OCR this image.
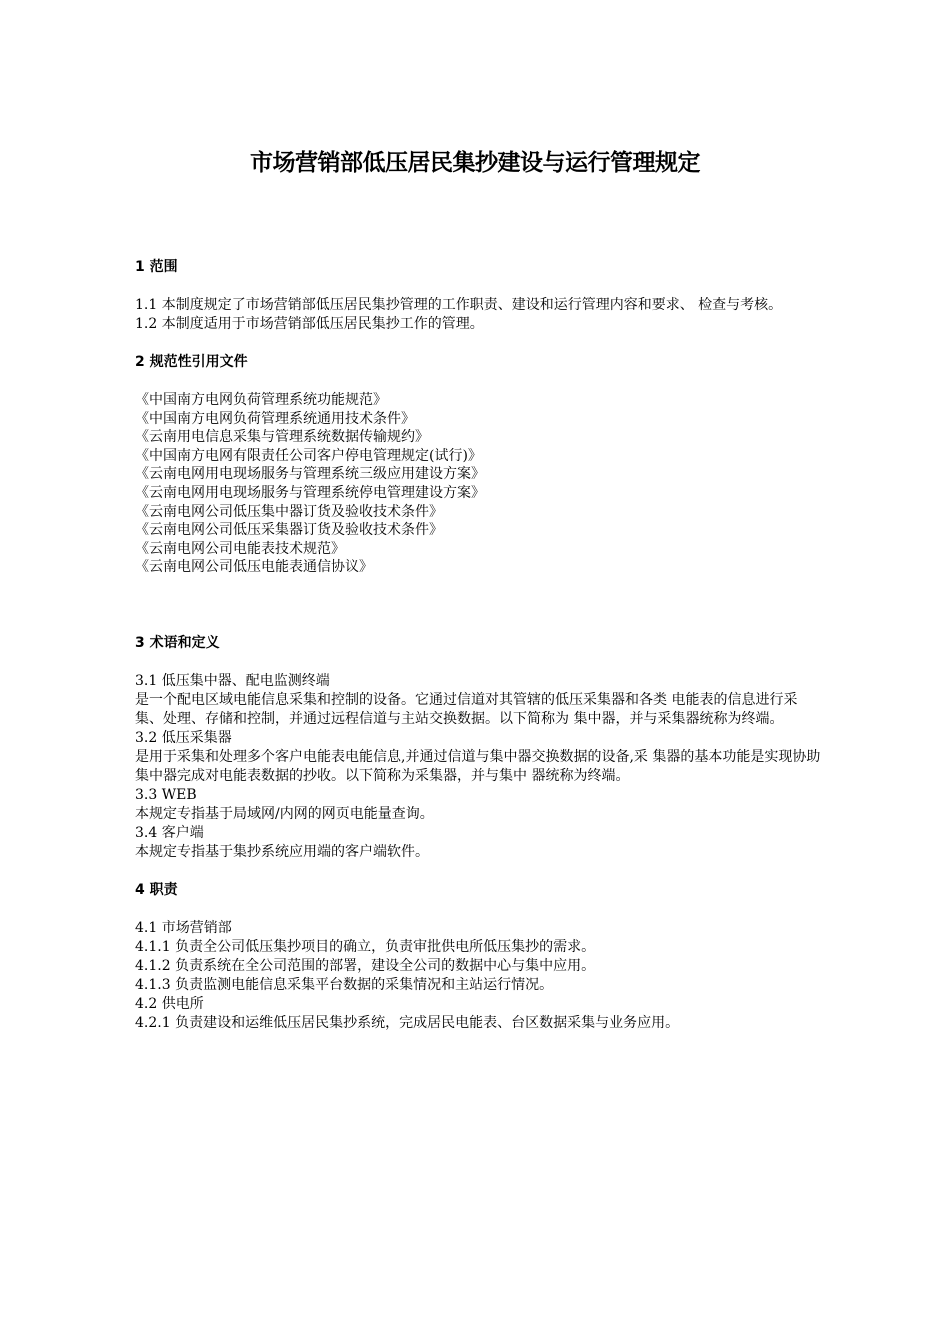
市场营销部低压居民集抄建设与运行管理规定
1 范围
1.1 本制度规定了市场营销部低压居民集抄管理的工作职责、建设和运行管理内容和要求、 检查与考核。
1.2 本制度适用于市场营销部低压居民集抄工作的管理。
2 规范性引用文件
《中国南方电网负荷管理系统功能规范》
《中国南方电网负荷管理系统通用技术条件》
《云南用电信息采集与管理系统数据传输规约》
《中国南方电网有限责任公司客户停电管理规定(试行)》
《云南电网用电现场服务与管理系统三级应用建设方案》
《云南电网用电现场服务与管理系统停电管理建设方案》
《云南电网公司低压集中器订货及验收技术条件》
《云南电网公司低压采集器订货及验收技术条件》
《云南电网公司电能表技术规范》
《云南电网公司低压电能表通信协议》
3 术语和定义
3.1 低压集中器、配电监测终端
是一个配电区域电能信息采集和控制的设备。它通过信道对其管辖的低压采集器和各类 电能表的信息进行采集、处理、存储和控制，并通过远程信道与主站交换数据。以下简称为 集中器，并与采集器统称为终端。
3.2 低压采集器
是用于采集和处理多个客户电能表电能信息,并通过信道与集中器交换数据的设备,采 集器的基本功能是实现协助集中器完成对电能表数据的抄收。以下简称为采集器，并与集中 器统称为终端。
3.3 WEB
本规定专指基于局域网/内网的网页电能量查询。
3.4 客户端
本规定专指基于集抄系统应用端的客户端软件。
4 职责
4.1 市场营销部
4.1.1 负责全公司低压集抄项目的确立，负责审批供电所低压集抄的需求。
4.1.2 负责系统在全公司范围的部署，建设全公司的数据中心与集中应用。
4.1.3 负责监测电能信息采集平台数据的采集情况和主站运行情况。
4.2 供电所
4.2.1 负责建设和运维低压居民集抄系统，完成居民电能表、台区数据采集与业务应用。
